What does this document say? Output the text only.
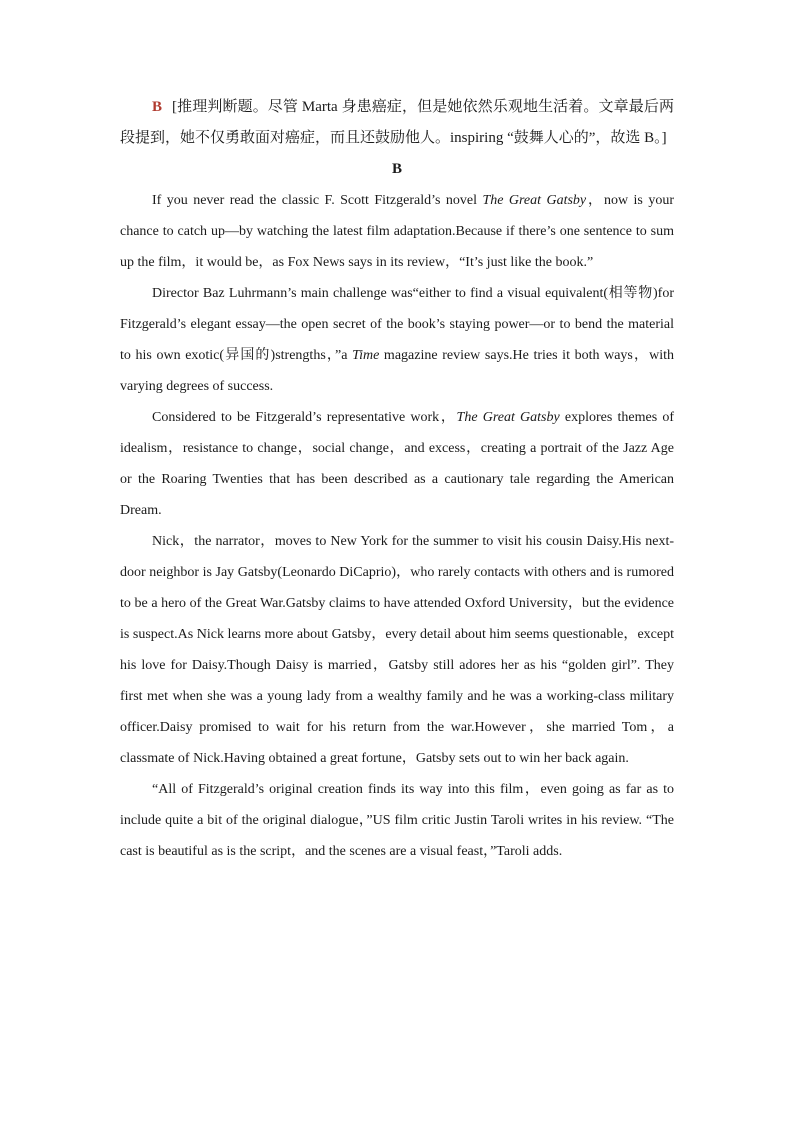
B [推理判断题。尽管 Marta 身患癌症，但是她依然乐观地生活着。文章最后两段提到，她不仅勇敢面对癌症，而且还鼓励他人。inspiring “鼓舞人心的”，故选 B。]

B

If you never read the classic F. Scott Fitzgerald’s novel The Great Gatsby，now is your chance to catch up—by watching the latest film adaptation.Because if there’s one sentence to sum up the film，it would be，as Fox News says in its review，“It’s just like the book.”

Director Baz Luhrmann’s main challenge was“either to find a visual equivalent(相等物)for Fitzgerald’s elegant essay—the open secret of the book’s staying power—or to bend the material to his own exotic(异国的)strengths，”a Time magazine review says.He tries it both ways，with varying degrees of success.

Considered to be Fitzgerald’s representative work，The Great Gatsby explores themes of idealism，resistance to change，social change，and excess，creating a portrait of the Jazz Age or the Roaring Twenties that has been described as a cautionary tale regarding the American Dream.

Nick，the narrator，moves to New York for the summer to visit his cousin Daisy.His next-door neighbor is Jay Gatsby(Leonardo DiCaprio)，who rarely contacts with others and is rumored to be a hero of the Great War.Gatsby claims to have attended Oxford University，but the evidence is suspect.As Nick learns more about Gatsby，every detail about him seems questionable，except his love for Daisy.Though Daisy is married，Gatsby still adores her as his “golden girl”. They first met when she was a young lady from a wealthy family and he was a working-class military officer.Daisy promised to wait for his return from the war.However，she married Tom，a classmate of Nick.Having obtained a great fortune，Gatsby sets out to win her back again.

“All of Fitzgerald’s original creation finds its way into this film，even going as far as to include quite a bit of the original dialogue，”US film critic Justin Taroli writes in his review. “The cast is beautiful as is the script，and the scenes are a visual feast，”Taroli adds.
